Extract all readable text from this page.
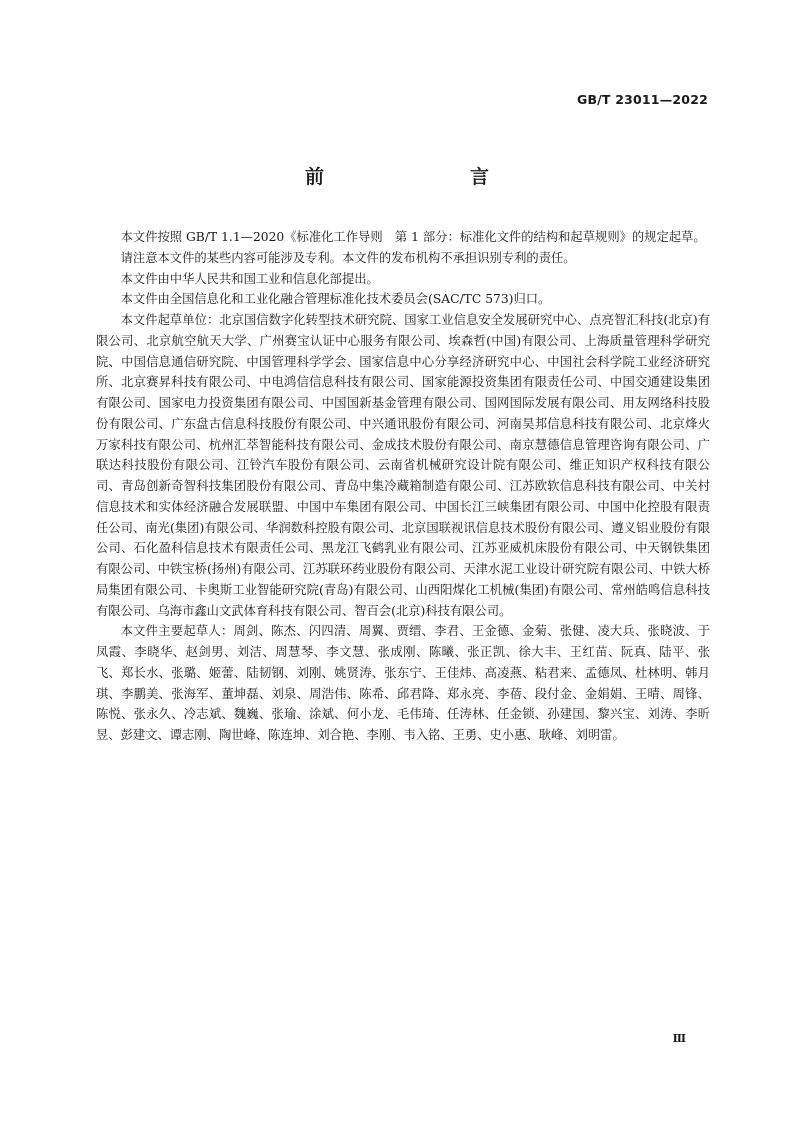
GB/T 23011—2022
前　　言

本文件按照 GB/T 1.1—2020《标准化工作导则　第 1 部分：标准化文件的结构和起草规则》的规定起草。

请注意本文件的某些内容可能涉及专利。本文件的发布机构不承担识别专利的责任。

本文件由中华人民共和国工业和信息化部提出。

本文件由全国信息化和工业化融合管理标准化技术委员会(SAC/TC 573)归口。

本文件起草单位：北京国信数字化转型技术研究院、国家工业信息安全发展研究中心、点亮智汇科技(北京)有限公司、北京航空航天大学、广州赛宝认证中心服务有限公司、埃森哲(中国)有限公司、上海质量管理科学研究院、中国信息通信研究院、中国管理科学学会、国家信息中心分享经济研究中心、中国社会科学院工业经济研究所、北京赛昇科技有限公司、中电鸿信信息科技有限公司、国家能源投资集团有限责任公司、中国交通建设集团有限公司、国家电力投资集团有限公司、中国国新基金管理有限公司、国网国际发展有限公司、用友网络科技股份有限公司、广东盘古信息科技股份有限公司、中兴通讯股份有限公司、河南昊邦信息科技有限公司、北京烽火万家科技有限公司、杭州汇萃智能科技有限公司、金成技术股份有限公司、南京慧德信息管理咨询有限公司、广联达科技股份有限公司、江铃汽车股份有限公司、云南省机械研究设计院有限公司、维正知识产权科技有限公司、青岛创新奇智科技集团股份有限公司、青岛中集冷藏箱制造有限公司、江苏欧软信息科技有限公司、中关村信息技术和实体经济融合发展联盟、中国中车集团有限公司、中国长江三峡集团有限公司、中国中化控股有限责任公司、南光(集团)有限公司、华润数科控股有限公司、北京国联视讯信息技术股份有限公司、遵义铝业股份有限公司、石化盈科信息技术有限责任公司、黑龙江飞鹤乳业有限公司、江苏亚威机床股份有限公司、中天钢铁集团有限公司、中铁宝桥(扬州)有限公司、江苏联环药业股份有限公司、天津水泥工业设计研究院有限公司、中铁大桥局集团有限公司、卡奥斯工业智能研究院(青岛)有限公司、山西阳煤化工机械(集团)有限公司、常州皓鸣信息科技有限公司、乌海市鑫山文武体育科技有限公司、智百会(北京)科技有限公司。

本文件主要起草人：周剑、陈杰、闪四清、周翼、贾缙、李君、王金德、金菊、张健、凌大兵、张晓波、于凤霞、李晓华、赵剑男、刘洁、周慧琴、李文慧、张成刚、陈曦、张正凯、徐大丰、王红苗、阮真、陆平、张飞、郑长水、张璐、姬蕾、陆韧钢、刘刚、姚贤涛、张东宁、王佳炜、高凌燕、粘君来、孟德凤、杜林明、韩月琪、李鹏美、张海军、董坤磊、刘泉、周浩伟、陈希、邱君降、郑永亮、李蓓、段付金、金娟娟、王晴、周锋、陈悦、张永久、冷志斌、魏巍、张瑜、涂斌、何小龙、毛伟琦、任涛林、任金锁、孙建国、黎兴宝、刘涛、李昕昱、彭建文、谭志刚、陶世峰、陈连坤、刘合艳、李刚、韦入铭、王勇、史小惠、耿峰、刘明雷。

Ⅲ
